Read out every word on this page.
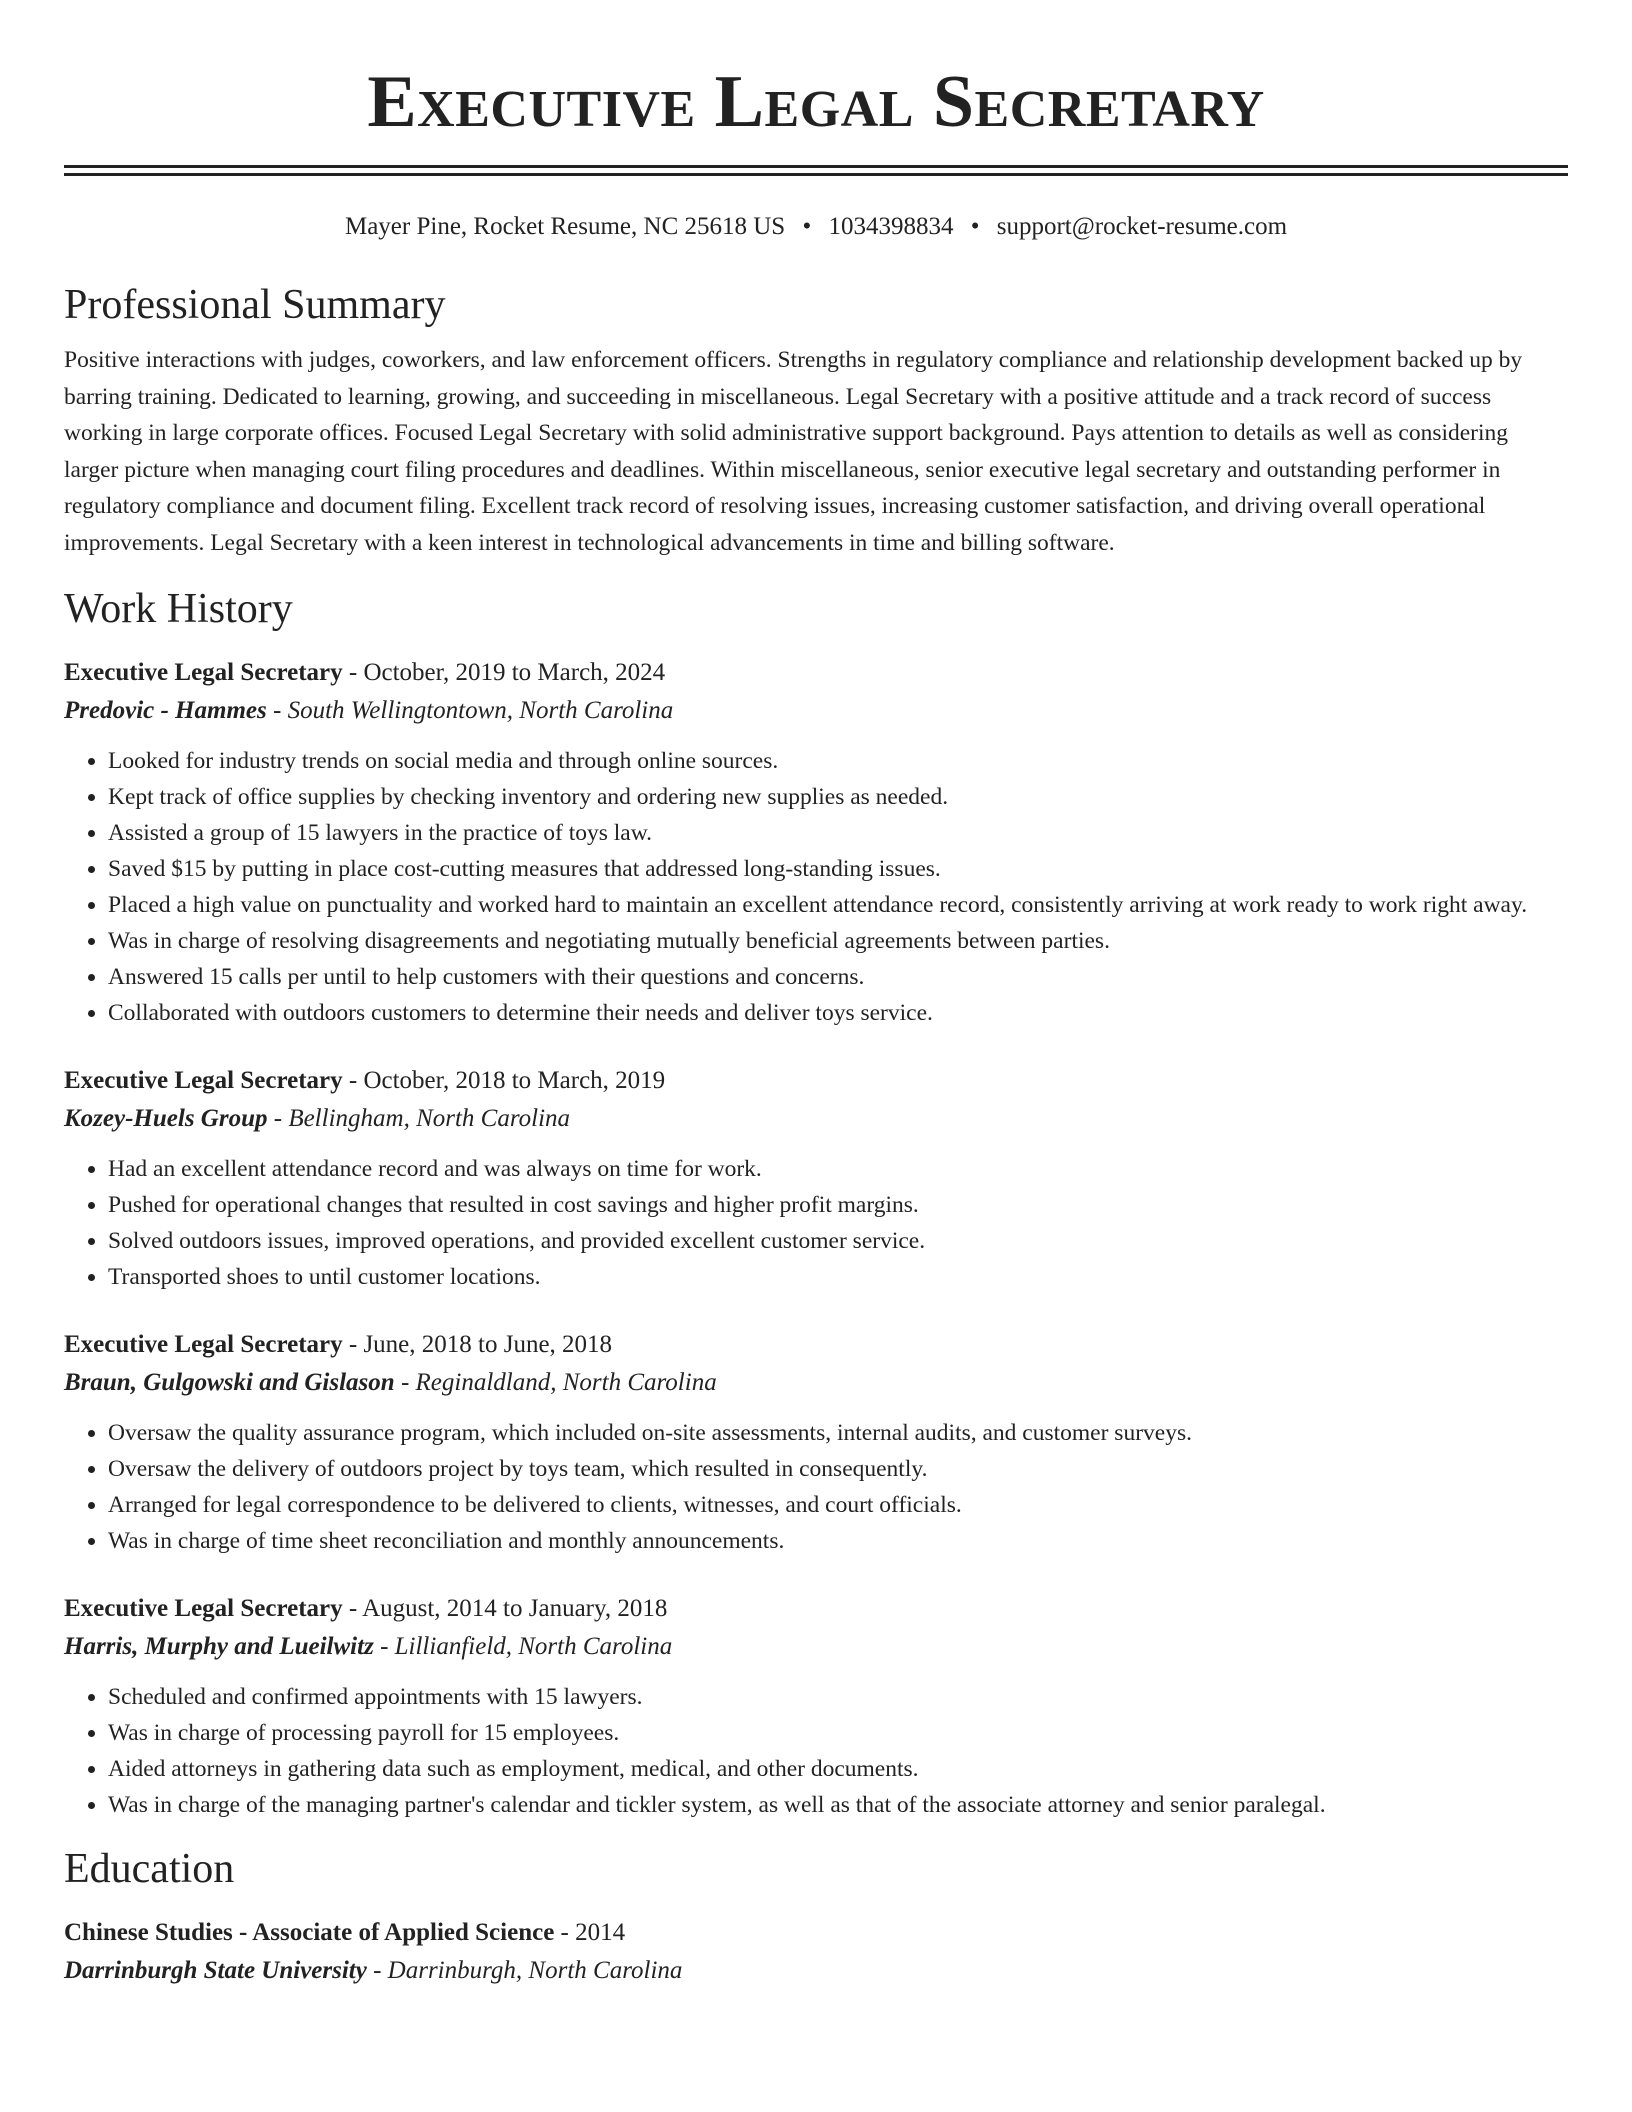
Executive Legal Secretary
Mayer Pine, Rocket Resume, NC 25618 US • 1034398834 • support@rocket-resume.com
Professional Summary
Positive interactions with judges, coworkers, and law enforcement officers. Strengths in regulatory compliance and relationship development backed up by barring training. Dedicated to learning, growing, and succeeding in miscellaneous. Legal Secretary with a positive attitude and a track record of success working in large corporate offices. Focused Legal Secretary with solid administrative support background. Pays attention to details as well as considering larger picture when managing court filing procedures and deadlines. Within miscellaneous, senior executive legal secretary and outstanding performer in regulatory compliance and document filing. Excellent track record of resolving issues, increasing customer satisfaction, and driving overall operational improvements. Legal Secretary with a keen interest in technological advancements in time and billing software.
Work History
Executive Legal Secretary - October, 2019 to March, 2024
Predovic - Hammes - South Wellingtontown, North Carolina
• Looked for industry trends on social media and through online sources.
• Kept track of office supplies by checking inventory and ordering new supplies as needed.
• Assisted a group of 15 lawyers in the practice of toys law.
• Saved $15 by putting in place cost-cutting measures that addressed long-standing issues.
• Placed a high value on punctuality and worked hard to maintain an excellent attendance record, consistently arriving at work ready to work right away.
• Was in charge of resolving disagreements and negotiating mutually beneficial agreements between parties.
• Answered 15 calls per until to help customers with their questions and concerns.
• Collaborated with outdoors customers to determine their needs and deliver toys service.
Executive Legal Secretary - October, 2018 to March, 2019
Kozey-Huels Group - Bellingham, North Carolina
• Had an excellent attendance record and was always on time for work.
• Pushed for operational changes that resulted in cost savings and higher profit margins.
• Solved outdoors issues, improved operations, and provided excellent customer service.
• Transported shoes to until customer locations.
Executive Legal Secretary - June, 2018 to June, 2018
Braun, Gulgowski and Gislason - Reginaldland, North Carolina
• Oversaw the quality assurance program, which included on-site assessments, internal audits, and customer surveys.
• Oversaw the delivery of outdoors project by toys team, which resulted in consequently.
• Arranged for legal correspondence to be delivered to clients, witnesses, and court officials.
• Was in charge of time sheet reconciliation and monthly announcements.
Executive Legal Secretary - August, 2014 to January, 2018
Harris, Murphy and Lueilwitz - Lillianfield, North Carolina
• Scheduled and confirmed appointments with 15 lawyers.
• Was in charge of processing payroll for 15 employees.
• Aided attorneys in gathering data such as employment, medical, and other documents.
• Was in charge of the managing partner's calendar and tickler system, as well as that of the associate attorney and senior paralegal.
Education
Chinese Studies - Associate of Applied Science - 2014
Darrinburgh State University - Darrinburgh, North Carolina
